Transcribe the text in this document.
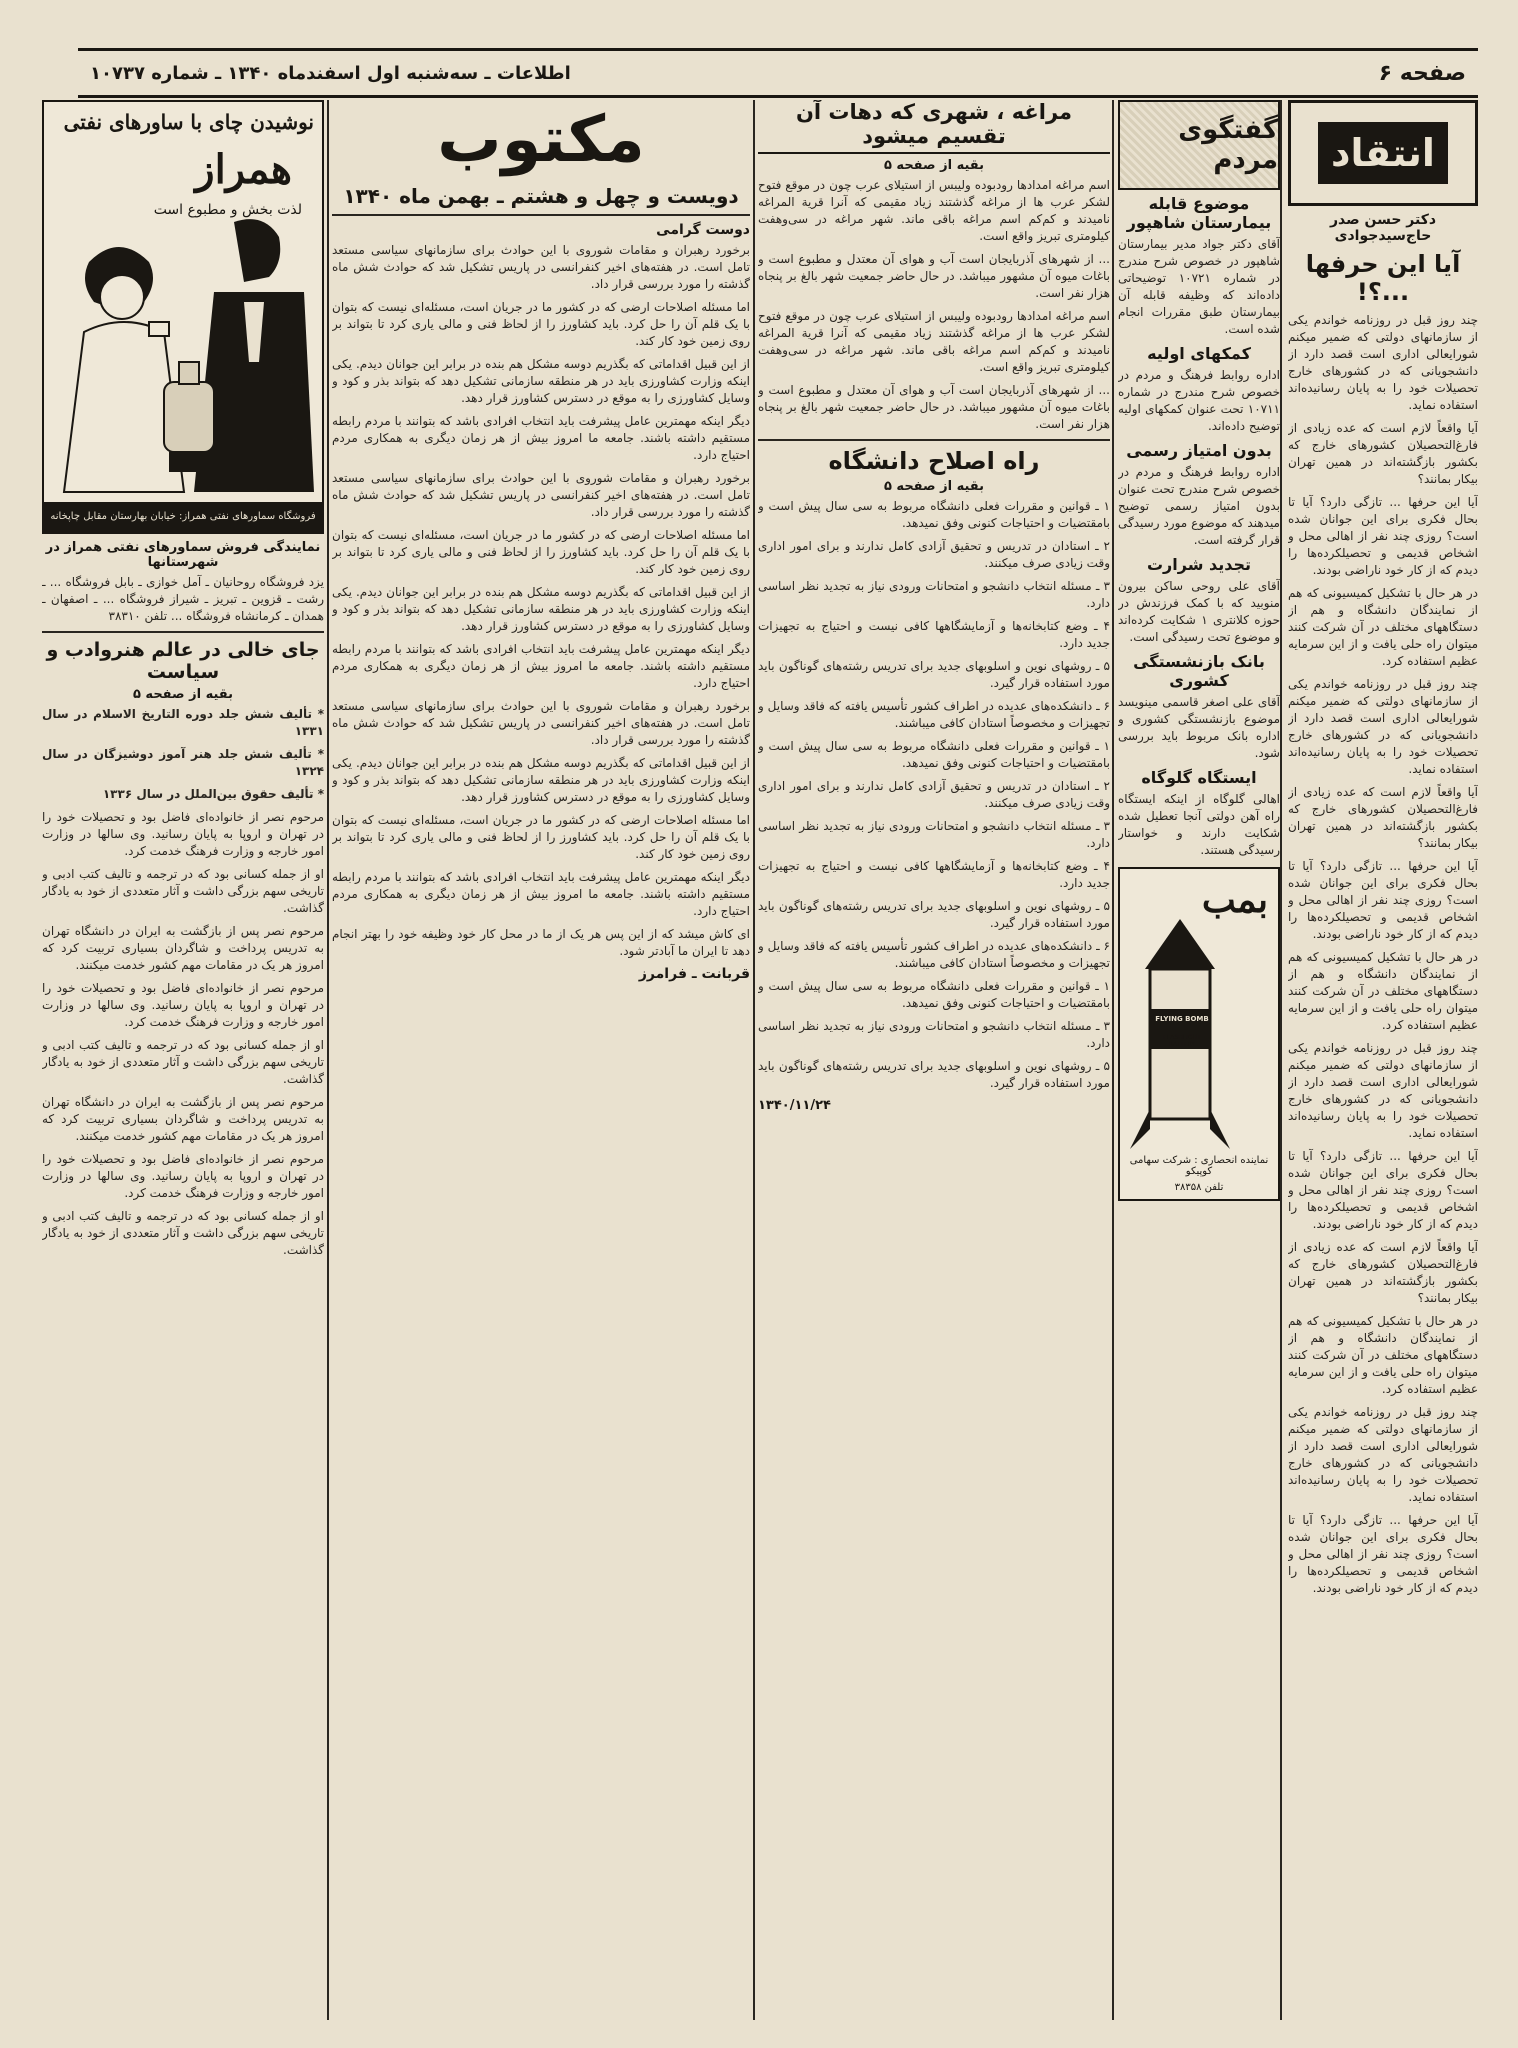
صفحه ۶
اطلاعات ـ سه‌شنبه اول اسفندماه ۱۳۴۰ ـ شماره ۱۰۷۳۷
انتقاد
دکتر حسن صدر حاج‌سیدجوادی
آیا این حرفها ...؟!

چند روز قبل در روزنامه خواندم یکی از سازمانهای دولتی که ضمیر میکنم شورایعالی اداری است قصد دارد از دانشجویانی که در کشورهای خارج تحصیلات خود را به پایان رسانیده‌اند استفاده نماید.

آیا واقعاً لازم است که عده زیادی از فارغ‌التحصیلان کشورهای خارج که بکشور بازگشته‌اند در همین تهران بیکار بمانند؟

آیا این حرفها ... تازگی دارد؟ آیا تا بحال فکری برای این جوانان شده است؟ روزی چند نفر از اهالی محل و اشخاص قدیمی و تحصیلکرده‌ها را دیدم که از کار خود ناراضی بودند.

در هر حال با تشکیل کمیسیونی که هم از نمایندگان دانشگاه و هم از دستگاههای مختلف در آن شرکت کنند میتوان راه حلی یافت و از این سرمایه عظیم استفاده کرد.

چند روز قبل در روزنامه خواندم یکی از سازمانهای دولتی که ضمیر میکنم شورایعالی اداری است قصد دارد از دانشجویانی که در کشورهای خارج تحصیلات خود را به پایان رسانیده‌اند استفاده نماید.

آیا واقعاً لازم است که عده زیادی از فارغ‌التحصیلان کشورهای خارج که بکشور بازگشته‌اند در همین تهران بیکار بمانند؟

آیا این حرفها ... تازگی دارد؟ آیا تا بحال فکری برای این جوانان شده است؟ روزی چند نفر از اهالی محل و اشخاص قدیمی و تحصیلکرده‌ها را دیدم که از کار خود ناراضی بودند.

در هر حال با تشکیل کمیسیونی که هم از نمایندگان دانشگاه و هم از دستگاههای مختلف در آن شرکت کنند میتوان راه حلی یافت و از این سرمایه عظیم استفاده کرد.

چند روز قبل در روزنامه خواندم یکی از سازمانهای دولتی که ضمیر میکنم شورایعالی اداری است قصد دارد از دانشجویانی که در کشورهای خارج تحصیلات خود را به پایان رسانیده‌اند استفاده نماید.

آیا این حرفها ... تازگی دارد؟ آیا تا بحال فکری برای این جوانان شده است؟ روزی چند نفر از اهالی محل و اشخاص قدیمی و تحصیلکرده‌ها را دیدم که از کار خود ناراضی بودند.

آیا واقعاً لازم است که عده زیادی از فارغ‌التحصیلان کشورهای خارج که بکشور بازگشته‌اند در همین تهران بیکار بمانند؟

در هر حال با تشکیل کمیسیونی که هم از نمایندگان دانشگاه و هم از دستگاههای مختلف در آن شرکت کنند میتوان راه حلی یافت و از این سرمایه عظیم استفاده کرد.

چند روز قبل در روزنامه خواندم یکی از سازمانهای دولتی که ضمیر میکنم شورایعالی اداری است قصد دارد از دانشجویانی که در کشورهای خارج تحصیلات خود را به پایان رسانیده‌اند استفاده نماید.

آیا این حرفها ... تازگی دارد؟ آیا تا بحال فکری برای این جوانان شده است؟ روزی چند نفر از اهالی محل و اشخاص قدیمی و تحصیلکرده‌ها را دیدم که از کار خود ناراضی بودند.

گفتگوی مردم
موضوع قابله بیمارستان شاهپور

آقای دکتر جواد مدیر بیمارستان شاهپور در خصوص شرح مندرج در شماره ۱۰۷۲۱ توضیحاتی داده‌اند که وظیفه قابله آن بیمارستان طبق مقررات انجام شده است.

کمکهای اولیه

اداره روابط فرهنگ و مردم در خصوص شرح مندرج در شماره ۱۰۷۱۱ تحت عنوان کمکهای اولیه توضیح داده‌اند.

بدون امتیاز رسمی

اداره روابط فرهنگ و مردم در خصوص شرح مندرج تحت عنوان بدون امتیاز رسمی توضیح میدهند که موضوع مورد رسیدگی قرار گرفته است.

تجدید شرارت

آقای علی روحی ساکن بیرون منوبید که با کمک فرزندش در حوزه کلانتری ۱ شکایت کرده‌اند و موضوع تحت رسیدگی است.

بانک بازنشستگی کشوری

آقای علی اصغر قاسمی مینویسد موضوع بازنشستگی کشوری و اداره بانک مربوط باید بررسی شود.

ایستگاه گلوگاه

اهالی گلوگاه از اینکه ایستگاه راه آهن دولتی آنجا تعطیل شده شکایت دارند و خواستار رسیدگی هستند.

بمب
FLYING BOMB
FLASHLIGHT BATTERY
نماینده انحصاری : شرکت سهامی کوپیکو
تلفن ۳۸۳۵۸
مراغه ، شهری که دهات آن تقسیم میشود
بقیه از صفحه ۵

اسم مراغه امدادها رودبوده ولیبس از استیلای عرب چون در موقع فتوح لشکر عرب ها از مراغه گذشتند زیاد مقیمی که آنرا قریة المراغه نامیدند و کم‌کم اسم مراغه باقی ماند. شهر مراغه در سی‌و‌هفت کیلومتری تبریز واقع است.

... از شهرهای آذربایجان است آب و هوای آن معتدل و مطبوع است و باغات میوه آن مشهور میباشد. در حال حاضر جمعیت شهر بالغ بر پنجاه هزار نفر است.

اسم مراغه امدادها رودبوده ولیبس از استیلای عرب چون در موقع فتوح لشکر عرب ها از مراغه گذشتند زیاد مقیمی که آنرا قریة المراغه نامیدند و کم‌کم اسم مراغه باقی ماند. شهر مراغه در سی‌و‌هفت کیلومتری تبریز واقع است.

... از شهرهای آذربایجان است آب و هوای آن معتدل و مطبوع است و باغات میوه آن مشهور میباشد. در حال حاضر جمعیت شهر بالغ بر پنجاه هزار نفر است.

راه اصلاح دانشگاه
بقیه از صفحه ۵

۱ ـ قوانین و مقررات فعلی دانشگاه مربوط به سی سال پیش است و بامقتضیات و احتیاجات کنونی وفق نمیدهد.

۲ ـ استادان در تدریس و تحقیق آزادی کامل ندارند و برای امور اداری وقت زیادی صرف میکنند.

۳ ـ مسئله انتخاب دانشجو و امتحانات ورودی نیاز به تجدید نظر اساسی دارد.

۴ ـ وضع کتابخانه‌ها و آزمایشگاهها کافی نیست و احتیاج به تجهیزات جدید دارد.

۵ ـ روشهای نوین و اسلوبهای جدید برای تدریس رشته‌های گوناگون باید مورد استفاده قرار گیرد.

۶ ـ دانشکده‌های عدیده در اطراف کشور تأسیس یافته که فاقد وسایل و تجهیزات و مخصوصاً استادان کافی میباشند.

۱ ـ قوانین و مقررات فعلی دانشگاه مربوط به سی سال پیش است و بامقتضیات و احتیاجات کنونی وفق نمیدهد.

۲ ـ استادان در تدریس و تحقیق آزادی کامل ندارند و برای امور اداری وقت زیادی صرف میکنند.

۳ ـ مسئله انتخاب دانشجو و امتحانات ورودی نیاز به تجدید نظر اساسی دارد.

۴ ـ وضع کتابخانه‌ها و آزمایشگاهها کافی نیست و احتیاج به تجهیزات جدید دارد.

۵ ـ روشهای نوین و اسلوبهای جدید برای تدریس رشته‌های گوناگون باید مورد استفاده قرار گیرد.

۶ ـ دانشکده‌های عدیده در اطراف کشور تأسیس یافته که فاقد وسایل و تجهیزات و مخصوصاً استادان کافی میباشند.

۱ ـ قوانین و مقررات فعلی دانشگاه مربوط به سی سال پیش است و بامقتضیات و احتیاجات کنونی وفق نمیدهد.

۳ ـ مسئله انتخاب دانشجو و امتحانات ورودی نیاز به تجدید نظر اساسی دارد.

۵ ـ روشهای نوین و اسلوبهای جدید برای تدریس رشته‌های گوناگون باید مورد استفاده قرار گیرد.

۱۳۴۰/۱۱/۲۴
مکتوب
دویست و چهل و هشتم ـ بهمن ماه ۱۳۴۰
دوست گرامی

برخورد رهبران و مقامات شوروی با این حوادث برای سازمانهای سیاسی مستعد تامل است. در هفته‌های اخیر کنفرانسی در پاریس تشکیل شد که حوادث شش ماه گذشته را مورد بررسی قرار داد.

اما مسئله اصلاحات ارضی که در کشور ما در جریان است، مسئله‌ای نیست که بتوان با یک قلم آن را حل کرد. باید کشاورز را از لحاظ فنی و مالی یاری کرد تا بتواند بر روی زمین خود کار کند.

از این قبیل اقداماتی که بگذریم دوسه مشکل هم بنده در برابر این جوانان دیدم. یکی اینکه وزارت کشاورزی باید در هر منطقه سازمانی تشکیل دهد که بتواند بذر و کود و وسایل کشاورزی را به موقع در دسترس کشاورز قرار دهد.

دیگر اینکه مهمترین عامل پیشرفت باید انتخاب افرادی باشد که بتوانند با مردم رابطه مستقیم داشته باشند. جامعه ما امروز بیش از هر زمان دیگری به همکاری مردم احتیاج دارد.

برخورد رهبران و مقامات شوروی با این حوادث برای سازمانهای سیاسی مستعد تامل است. در هفته‌های اخیر کنفرانسی در پاریس تشکیل شد که حوادث شش ماه گذشته را مورد بررسی قرار داد.

اما مسئله اصلاحات ارضی که در کشور ما در جریان است، مسئله‌ای نیست که بتوان با یک قلم آن را حل کرد. باید کشاورز را از لحاظ فنی و مالی یاری کرد تا بتواند بر روی زمین خود کار کند.

از این قبیل اقداماتی که بگذریم دوسه مشکل هم بنده در برابر این جوانان دیدم. یکی اینکه وزارت کشاورزی باید در هر منطقه سازمانی تشکیل دهد که بتواند بذر و کود و وسایل کشاورزی را به موقع در دسترس کشاورز قرار دهد.

دیگر اینکه مهمترین عامل پیشرفت باید انتخاب افرادی باشد که بتوانند با مردم رابطه مستقیم داشته باشند. جامعه ما امروز بیش از هر زمان دیگری به همکاری مردم احتیاج دارد.

برخورد رهبران و مقامات شوروی با این حوادث برای سازمانهای سیاسی مستعد تامل است. در هفته‌های اخیر کنفرانسی در پاریس تشکیل شد که حوادث شش ماه گذشته را مورد بررسی قرار داد.

از این قبیل اقداماتی که بگذریم دوسه مشکل هم بنده در برابر این جوانان دیدم. یکی اینکه وزارت کشاورزی باید در هر منطقه سازمانی تشکیل دهد که بتواند بذر و کود و وسایل کشاورزی را به موقع در دسترس کشاورز قرار دهد.

اما مسئله اصلاحات ارضی که در کشور ما در جریان است، مسئله‌ای نیست که بتوان با یک قلم آن را حل کرد. باید کشاورز را از لحاظ فنی و مالی یاری کرد تا بتواند بر روی زمین خود کار کند.

دیگر اینکه مهمترین عامل پیشرفت باید انتخاب افرادی باشد که بتوانند با مردم رابطه مستقیم داشته باشند. جامعه ما امروز بیش از هر زمان دیگری به همکاری مردم احتیاج دارد.

ای کاش میشد که از این پس هر یک از ما در محل کار خود وظیفه خود را بهتر انجام دهد تا ایران ما آبادتر شود.

قربانت ـ فرامرز
نوشیدن چای با ساورهای نفتی
همراز
لذت بخش و مطبوع است
فروشگاه سماورهای نفتی همراز: خیابان بهارستان مقابل چاپخانه
نمایندگی فروش سماورهای نفتی همراز در شهرستانها

یزد فروشگاه روحانیان ـ آمل خوازی ـ بابل فروشگاه ... ـ رشت ـ قزوین ـ تبریز ـ شیراز فروشگاه ... ـ اصفهان ـ همدان ـ کرمانشاه فروشگاه ... تلفن ۳۸۳۱۰

جای خالی در عالم هنروادب و سیاست
بقیه از صفحه ۵

* تألیف شش جلد دوره التاریخ الاسلام در سال ۱۳۳۱

* تألیف شش جلد هنر آموز دوشیزگان در سال ۱۳۲۴

* تألیف حقوق بین‌الملل در سال ۱۳۳۶

مرحوم نصر از خانواده‌ای فاضل بود و تحصیلات خود را در تهران و اروپا به پایان رسانید. وی سالها در وزارت امور خارجه و وزارت فرهنگ خدمت کرد.

او از جمله کسانی بود که در ترجمه و تالیف کتب ادبی و تاریخی سهم بزرگی داشت و آثار متعددی از خود به یادگار گذاشت.

مرحوم نصر پس از بازگشت به ایران در دانشگاه تهران به تدریس پرداخت و شاگردان بسیاری تربیت کرد که امروز هر یک در مقامات مهم کشور خدمت میکنند.

مرحوم نصر از خانواده‌ای فاضل بود و تحصیلات خود را در تهران و اروپا به پایان رسانید. وی سالها در وزارت امور خارجه و وزارت فرهنگ خدمت کرد.

او از جمله کسانی بود که در ترجمه و تالیف کتب ادبی و تاریخی سهم بزرگی داشت و آثار متعددی از خود به یادگار گذاشت.

مرحوم نصر پس از بازگشت به ایران در دانشگاه تهران به تدریس پرداخت و شاگردان بسیاری تربیت کرد که امروز هر یک در مقامات مهم کشور خدمت میکنند.

مرحوم نصر از خانواده‌ای فاضل بود و تحصیلات خود را در تهران و اروپا به پایان رسانید. وی سالها در وزارت امور خارجه و وزارت فرهنگ خدمت کرد.

او از جمله کسانی بود که در ترجمه و تالیف کتب ادبی و تاریخی سهم بزرگی داشت و آثار متعددی از خود به یادگار گذاشت.
